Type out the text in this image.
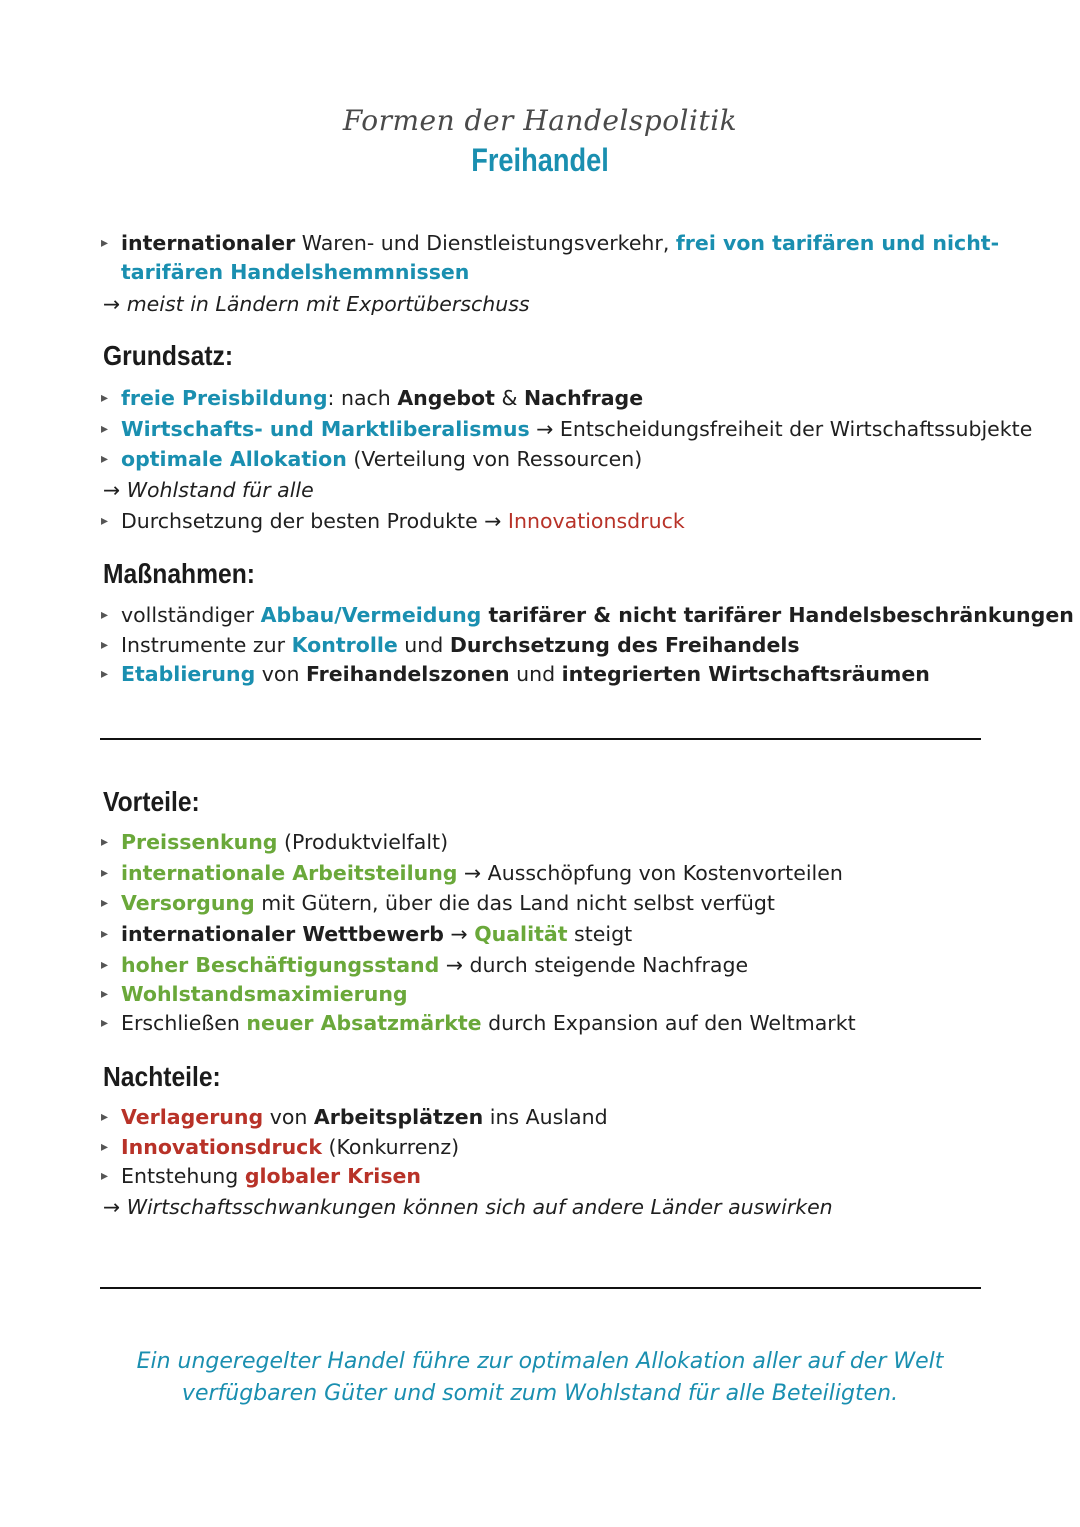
Formen der Handelspolitik
Freihandel
▸ internationaler Waren- und Dienstleistungsverkehr, frei von tarifären und nicht-
tarifären Handelshemmnissen
→ meist in Ländern mit Exportüberschuss
Grundsatz:
▸ freie Preisbildung: nach Angebot & Nachfrage
▸ Wirtschafts- und Marktliberalismus → Entscheidungsfreiheit der Wirtschaftssubjekte
▸ optimale Allokation (Verteilung von Ressourcen)
→ Wohlstand für alle
▸ Durchsetzung der besten Produkte → Innovationsdruck
Maßnahmen:
▸ vollständiger Abbau/Vermeidung tarifärer & nicht tarifärer Handelsbeschränkungen
▸ Instrumente zur Kontrolle und Durchsetzung des Freihandels
▸ Etablierung von Freihandelszonen und integrierten Wirtschaftsräumen
Vorteile:
▸ Preissenkung (Produktvielfalt)
▸ internationale Arbeitsteilung → Ausschöpfung von Kostenvorteilen
▸ Versorgung mit Gütern, über die das Land nicht selbst verfügt
▸ internationaler Wettbewerb → Qualität steigt
▸ hoher Beschäftigungsstand → durch steigende Nachfrage
▸ Wohlstandsmaximierung
▸ Erschließen neuer Absatzmärkte durch Expansion auf den Weltmarkt
Nachteile:
▸ Verlagerung von Arbeitsplätzen ins Ausland
▸ Innovationsdruck (Konkurrenz)
▸ Entstehung globaler Krisen
→ Wirtschaftsschwankungen können sich auf andere Länder auswirken
Ein ungeregelter Handel führe zur optimalen Allokation aller auf der Welt
verfügbaren Güter und somit zum Wohlstand für alle Beteiligten.
